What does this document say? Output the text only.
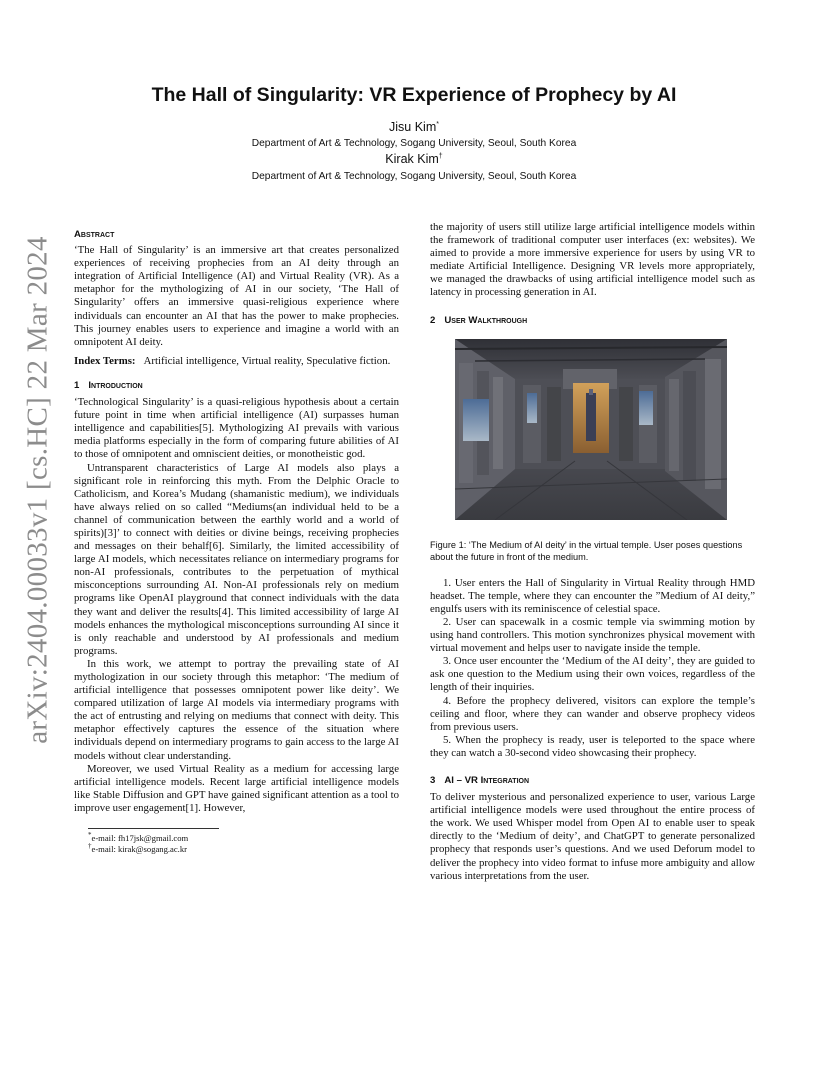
arXiv:2404.00033v1 [cs.HC] 22 Mar 2024
The Hall of Singularity: VR Experience of Prophecy by AI
Jisu Kim*
Department of Art & Technology, Sogang University, Seoul, South Korea
Kirak Kim†
Department of Art & Technology, Sogang University, Seoul, South Korea
Abstract

‘The Hall of Singularity’ is an immersive art that creates personalized experiences of receiving prophecies from an AI deity through an integration of Artificial Intelligence (AI) and Virtual Reality (VR). As a metaphor for the mythologizing of AI in our society, ‘The Hall of Singularity’ offers an immersive quasi-religious experience where individuals can encounter an AI that has the power to make prophecies. This journey enables users to experience and imagine a world with an omnipotent AI deity.

Index Terms: Artificial intelligence, Virtual reality, Speculative fiction.

1 Introduction

‘Technological Singularity’ is a quasi-religious hypothesis about a certain future point in time when artificial intelligence (AI) surpasses human intelligence and capabilities[5]. Mythologizing AI prevails with various media platforms especially in the form of comparing future abilities of AI to those of omnipotent and omniscient deities, or monotheistic god.

Untransparent characteristics of Large AI models also plays a significant role in reinforcing this myth. From the Delphic Oracle to Catholicism, and Korea’s Mudang (shamanistic medium), we individuals have always relied on so called “Mediums(an individual held to be a channel of communication between the earthly world and a world of spirits)[3]’ to connect with deities or divine beings, receiving prophecies and messages on their behalf[6]. Similarly, the limited accessibility of large AI models, which necessitates reliance on intermediary programs for non-AI professionals, contributes to the perpetuation of mythical misconceptions surrounding AI. Non-AI professionals rely on medium programs like OpenAI playground that connect individuals with the data they want and deliver the results[4]. This limited accessibility of large AI models enhances the mythological misconceptions surrounding AI since it is only reachable and understood by AI professionals and medium programs.

In this work, we attempt to portray the prevailing state of AI mythologization in our society through this metaphor: ‘The medium of artificial intelligence that possesses omnipotent power like deity’. We compared utilization of large AI models via intermediary programs with the act of entrusting and relying on mediums that connect with deity. This metaphor effectively captures the essence of the situation where individuals depend on intermediary programs to gain access to the large AI models without clear understanding.

Moreover, we used Virtual Reality as a medium for accessing large artificial intelligence models. Recent large artificial intelligence models like Stable Diffusion and GPT have gained significant attention as a tool to improve user engagement[1]. However,

*e-mail: fh17jsk@gmail.com
†e-mail: kirak@sogang.ac.kr

the majority of users still utilize large artificial intelligence models within the framework of traditional computer user interfaces (ex: websites). We aimed to provide a more immersive experience for users by using VR to mediate Artificial Intelligence. Designing VR levels more appropriately, we managed the drawbacks of using artificial intelligence model such as latency in processing generation in AI.

2 User Walkthrough
Figure 1: ‘The Medium of AI deity’ in the virtual temple. User poses questions about the future in front of the medium.

1. User enters the Hall of Singularity in Virtual Reality through HMD headset. The temple, where they can encounter the ”Medium of AI deity,” engulfs users with its reminiscence of celestial space.

2. User can spacewalk in a cosmic temple via swimming motion by using hand controllers. This motion synchronizes physical movement with virtual movement and helps user to navigate inside the temple.

3. Once user encounter the ‘Medium of the AI deity’, they are guided to ask one question to the Medium using their own voices, regardless of the length of their inquiries.

4. Before the prophecy delivered, visitors can explore the temple’s ceiling and floor, where they can wander and observe prophecy videos from previous users.

5. When the prophecy is ready, user is teleported to the space where they can watch a 30-second video showcasing their prophecy.

3 AI – VR Integration

To deliver mysterious and personalized experience to user, various Large artificial intelligence models were used throughout the entire process of the work. We used Whisper model from Open AI to enable user to speak directly to the ‘Medium of deity’, and ChatGPT to generate personalized prophecy that responds user’s questions. And we used Deforum model to deliver the prophecy into video format to infuse more ambiguity and allow various interpretations from the user.
